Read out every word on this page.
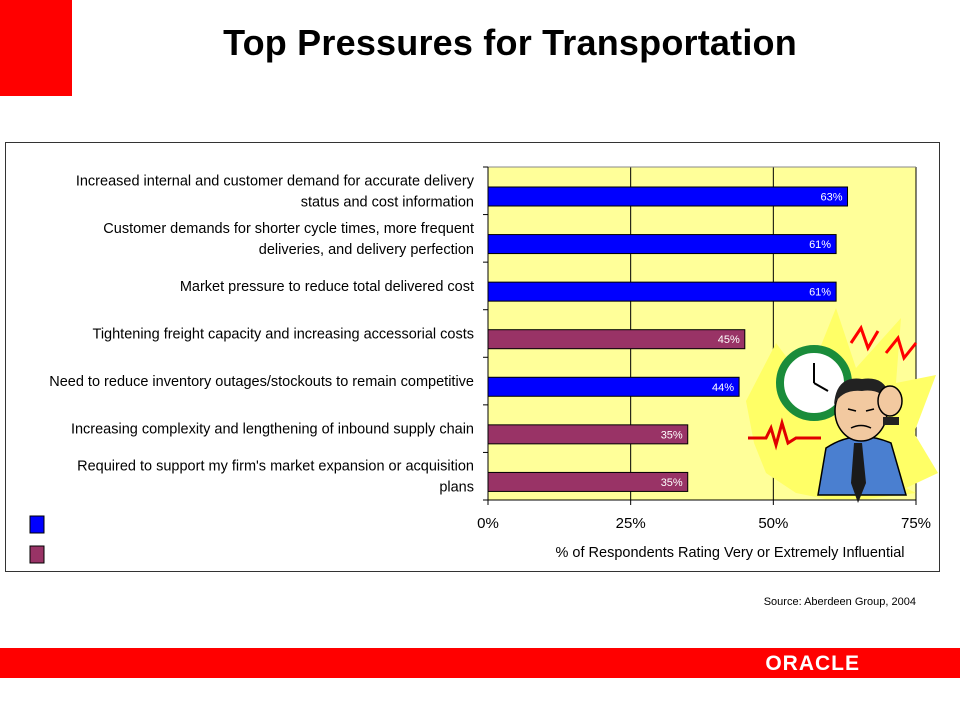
Top Pressures for Transportation
63%
61%
61%
45%
44%
35%
35%
Increased internal and customer demand for accurate delivery
status and cost information
Customer demands for shorter cycle times, more frequent
deliveries, and delivery perfection
Market pressure to reduce total delivered cost
Tightening freight capacity and increasing accessorial costs
Need to reduce inventory outages/stockouts to remain competitive
Increasing complexity and lengthening of inbound supply chain
Required to support my firm's market expansion or acquisition
plans
0%	25%	50%	75%
% of Respondents Rating Very or Extremely Influential
Source: Aberdeen Group, 2004
ORACLE
